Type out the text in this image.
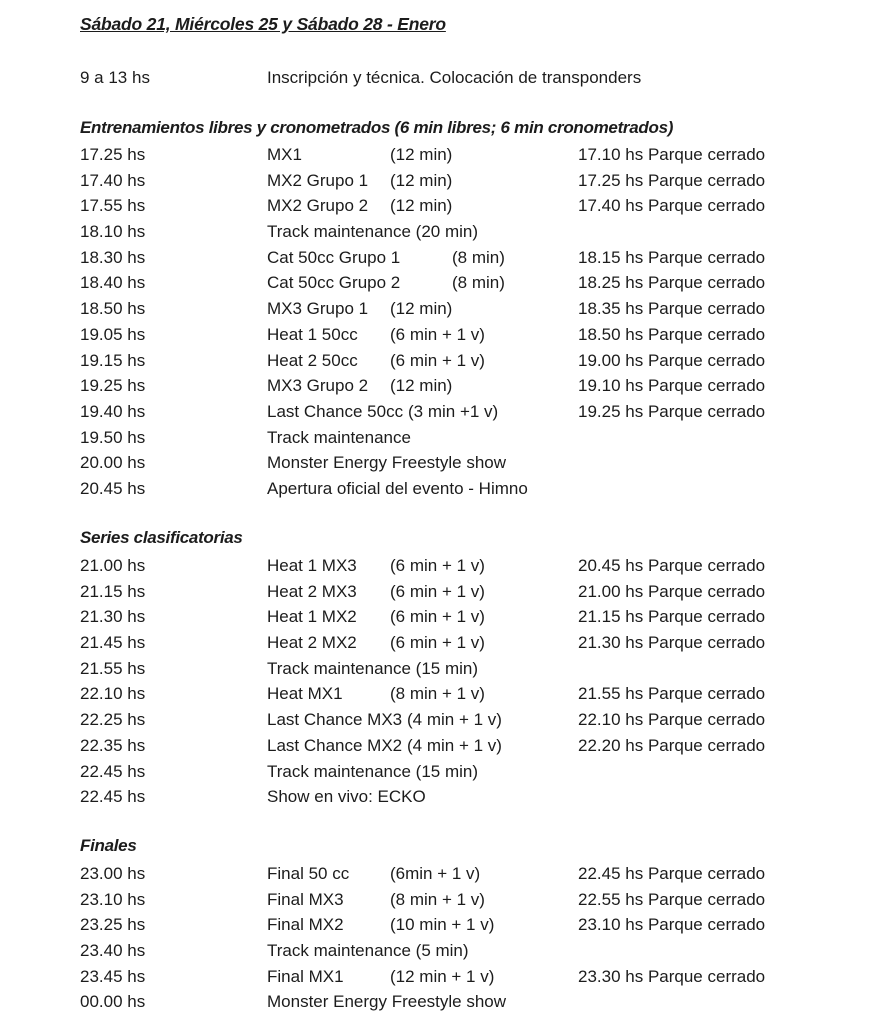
Sábado 21, Miércoles 25 y Sábado 28 - Enero
9 a 13 hs	Inscripción y técnica. Colocación de transponders
Entrenamientos libres y cronometrados (6 min libres; 6 min cronometrados)
17.25 hs	MX1	(12 min)	17.10 hs Parque cerrado
17.40 hs	MX2 Grupo 1 (12 min)	17.25 hs Parque cerrado
17.55 hs	MX2 Grupo 2 (12 min)	17.40 hs Parque cerrado
18.10 hs	Track maintenance (20 min)
18.30 hs	Cat 50cc Grupo 1	(8 min)	18.15 hs Parque cerrado
18.40 hs	Cat 50cc Grupo 2	(8 min)	18.25 hs Parque cerrado
18.50 hs	MX3 Grupo 1 (12 min)	18.35 hs Parque cerrado
19.05 hs	Heat 1 50cc (6 min + 1 v)	18.50 hs Parque cerrado
19.15 hs	Heat 2 50cc (6 min + 1 v)	19.00 hs Parque cerrado
19.25 hs	MX3 Grupo 2 (12 min)	19.10 hs Parque cerrado
19.40 hs	Last Chance 50cc (3 min +1 v)	19.25 hs Parque cerrado
19.50 hs	Track maintenance
20.00 hs	Monster Energy Freestyle show
20.45 hs	Apertura oficial del evento - Himno
Series clasificatorias
21.00 hs	Heat 1 MX3 (6 min + 1 v)	20.45 hs Parque cerrado
21.15 hs	Heat 2 MX3 (6 min + 1 v)	21.00 hs Parque cerrado
21.30 hs	Heat 1 MX2 (6 min + 1 v)	21.15 hs Parque cerrado
21.45 hs	Heat 2 MX2 (6 min + 1 v)	21.30 hs Parque cerrado
21.55 hs	Track maintenance (15 min)
22.10 hs	Heat MX1	(8 min + 1 v)	21.55 hs Parque cerrado
22.25 hs	Last Chance MX3 (4 min + 1 v)	22.10 hs Parque cerrado
22.35 hs	Last Chance MX2 (4 min + 1 v)	22.20 hs Parque cerrado
22.45 hs	Track maintenance (15 min)
22.45 hs	Show en vivo: ECKO
Finales
23.00 hs	Final 50 cc (6min + 1 v)	22.45 hs Parque cerrado
23.10 hs	Final MX3	(8 min + 1 v)	22.55 hs Parque cerrado
23.25 hs	Final MX2	(10 min + 1 v)	23.10 hs Parque cerrado
23.40 hs	Track maintenance (5 min)
23.45 hs	Final MX1	(12 min + 1 v)	23.30 hs Parque cerrado
00.00 hs	Monster Energy Freestyle show
